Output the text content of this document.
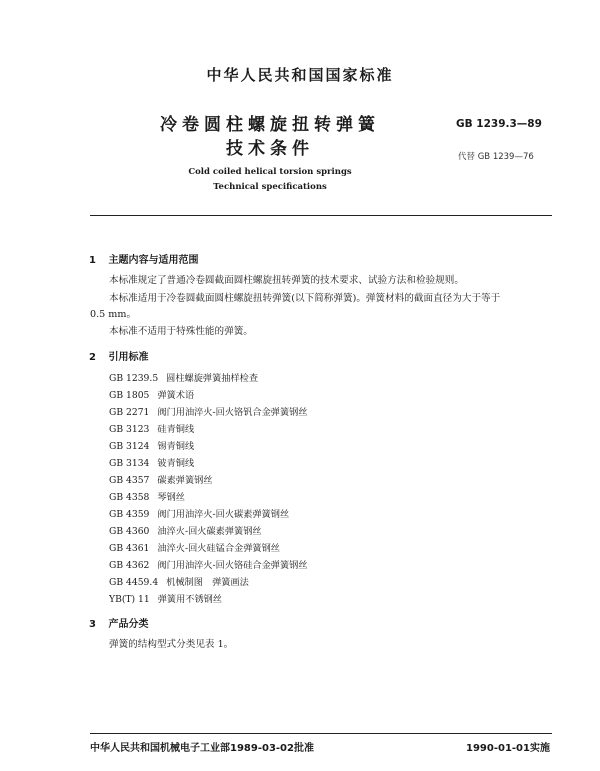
中华人民共和国国家标准
冷卷圆柱螺旋扭转弹簧
技术条件
GB 1239.3—89
代替 GB 1239—76
Cold coiled helical torsion springs
Technical specifications
1 主题内容与适用范围
本标准规定了普通冷卷圆截面圆柱螺旋扭转弹簧的技术要求、试验方法和检验规则。
本标准适用于冷卷圆截面圆柱螺旋扭转弹簧(以下简称弹簧)。弹簧材料的截面直径为大于等于
0.5 mm。
本标准不适用于特殊性能的弹簧。
2 引用标准
GB 1239.5 圆柱螺旋弹簧抽样检查
GB 1805 弹簧术语
GB 2271 阀门用油淬火-回火铬钒合金弹簧钢丝
GB 3123 硅青铜线
GB 3124 锡青铜线
GB 3134 铍青铜线
GB 4357 碳素弹簧钢丝
GB 4358 琴钢丝
GB 4359 阀门用油淬火-回火碳素弹簧钢丝
GB 4360 油淬火-回火碳素弹簧钢丝
GB 4361 油淬火-回火硅锰合金弹簧钢丝
GB 4362 阀门用油淬火-回火铬硅合金弹簧钢丝
GB 4459.4 机械制图　弹簧画法
YB(T) 11 弹簧用不锈钢丝
3 产品分类
弹簧的结构型式分类见表 1。
中华人民共和国机械电子工业部1989-03-02批准	1990-01-01实施
